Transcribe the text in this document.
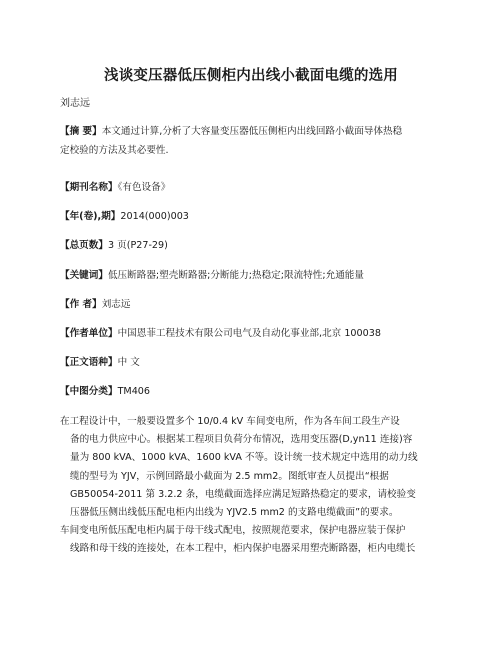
浅谈变压器低压侧柜内出线小截面电缆的选用
刘志远
【摘 要】本文通过计算,分析了大容量变压器低压侧柜内出线回路小截面导体热稳
定校验的方法及其必要性.
【期刊名称】《有色设备》
【年(卷),期】2014(000)003
【总页数】3 页(P27-29)
【关键词】低压断路器;塑壳断路器;分断能力;热稳定;限流特性;允通能量
【作 者】刘志远
【作者单位】中国恩菲工程技术有限公司电气及自动化事业部,北京 100038
【正文语种】中 文
【中图分类】TM406

在工程设计中，一般要设置多个 10/0.4 kV 车间变电所，作为各车间工段生产设

备的电力供应中心。根据某工程项目负荷分布情况，选用变压器(D,yn11 连接)容

量为 800 kVA、1000 kVA、1600 kVA 不等。设计统一技术规定中选用的动力线

缆的型号为 YJV，示例回路最小截面为 2.5 mm2。图纸审查人员提出“根据

GB50054-2011 第 3.2.2 条，电缆截面选择应满足短路热稳定的要求，请校验变

压器低压侧出线低压配电柜内出线为 YJV2.5 mm2 的支路电缆截面”的要求。

车间变电所低压配电柜内属于母干线式配电，按照规范要求，保护电器应装于保护

线路和母干线的连接处，在本工程中，柜内保护电器采用塑壳断路器，柜内电缆长
